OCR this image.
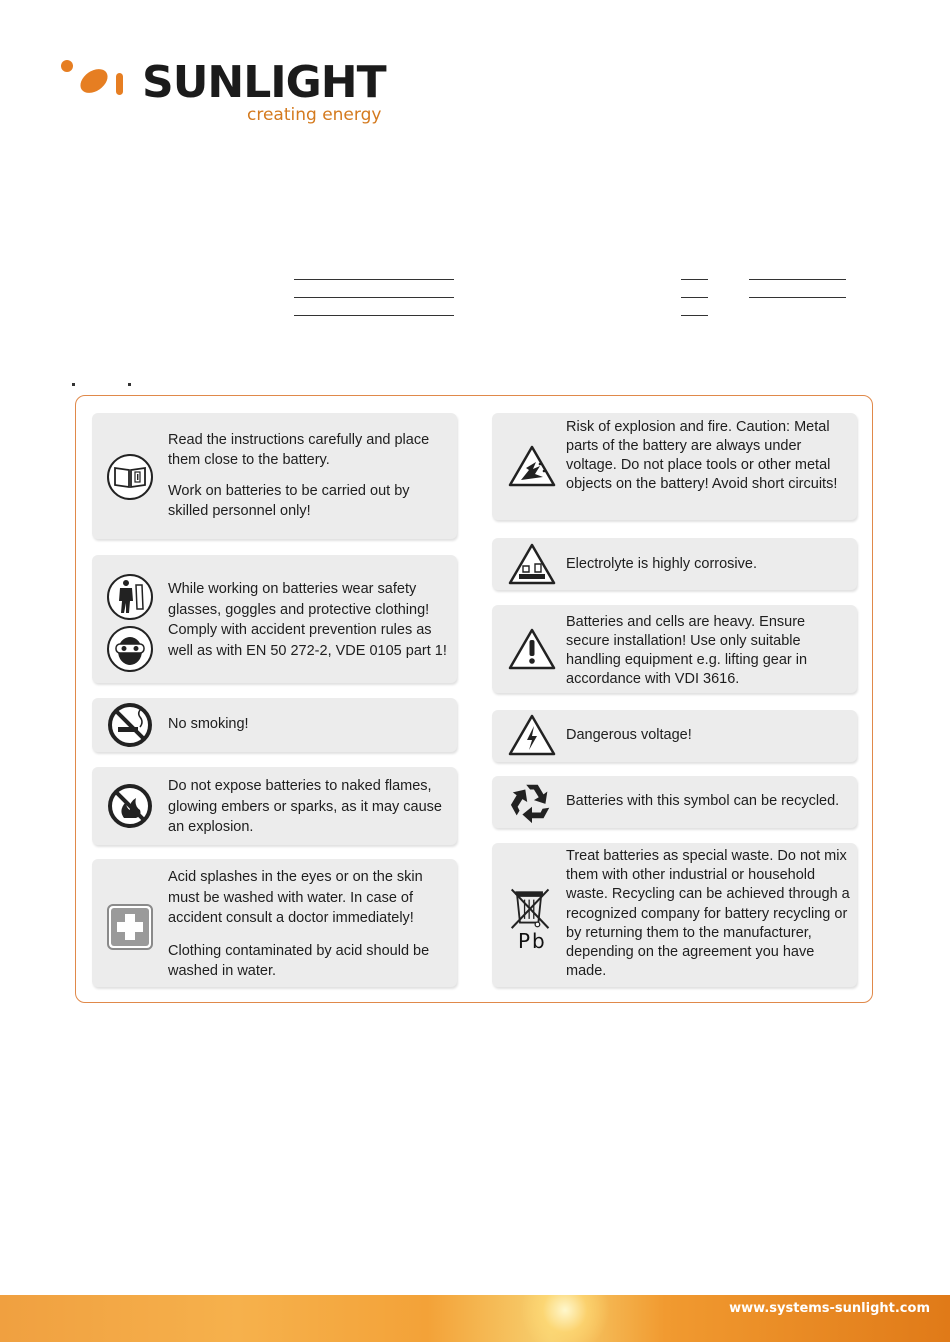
SUNLIGHT
creating energy

Read the instructions carefully and place them close to the battery.

Work on batteries to be carried out by skilled personnel only!

While working on batteries wear safety glasses, goggles and protective clothing! Comply with accident prevention rules as well as with EN 50 272-2, VDE 0105 part 1!

No smoking!

Do not expose batteries to naked flames, glowing embers or sparks, as it may cause an explosion.

Acid splashes in the eyes or on the skin must be washed with water. In case of accident consult a doctor immediately!

Clothing contaminated by acid should be washed in water.

Risk of explosion and fire. Caution: Metal parts of the battery are always under voltage. Do not place tools or other metal objects on the battery! Avoid short circuits!

Electrolyte is highly corrosive.

Batteries and cells are heavy. Ensure secure installation! Use only suitable handling equipment e.g. lifting gear in accordance with VDI 3616.

Dangerous voltage!

Batteries with this symbol can be recycled.

Pb

Treat batteries as special waste. Do not mix them with other industrial or household waste. Recycling can be achieved through a recognized company for battery recycling or by returning them to the manufacturer, depending on the agreement you have made.

www.systems-sunlight.com
